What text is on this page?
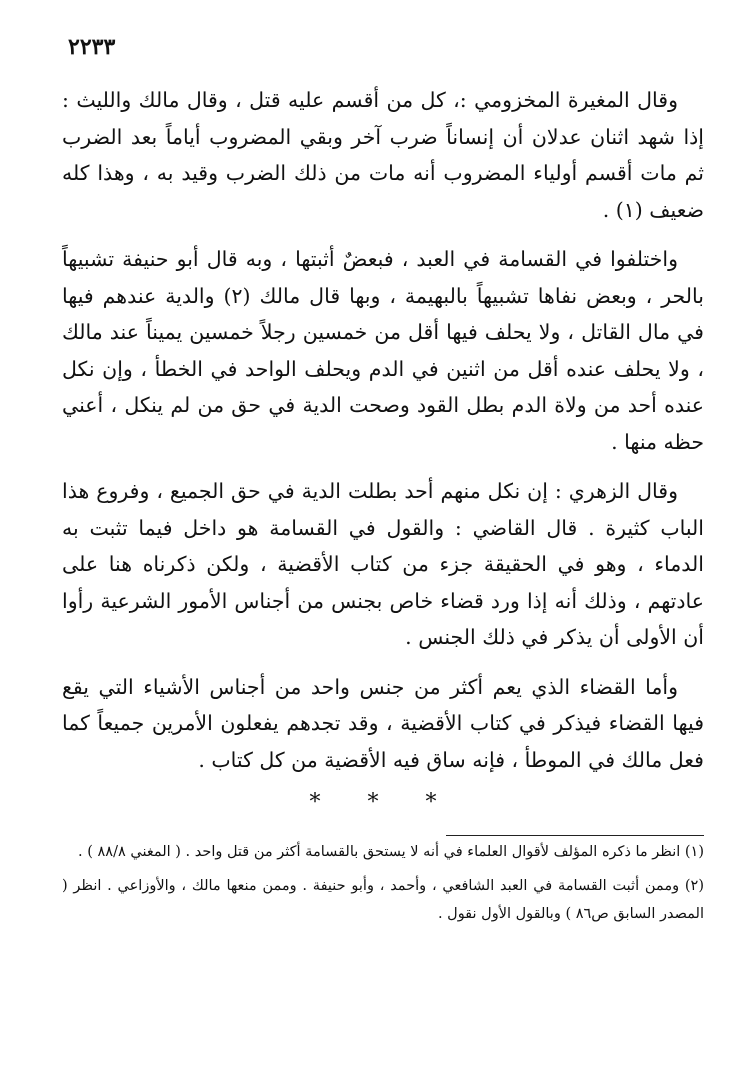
٢٢٣٣

وقال المغيرة المخزومي :، كل من أقسم عليه قتل ، وقال مالك والليث : إذا شهد اثنان عدلان أن إنساناً ضرب آخر وبقي المضروب أياماً بعد الضرب ثم مات أقسم أولياء المضروب أنه مات من ذلك الضرب وقيد به ، وهذا كله ضعيف (١) .

واختلفوا في القسامة في العبد ، فبعضٌ أثبتها ، وبه قال أبو حنيفة تشبيهاً بالحر ، وبعض نفاها تشبيهاً بالبهيمة ، وبها قال مالك (٢) والدية عندهم فيها في مال القاتل ، ولا يحلف فيها أقل من خمسين رجلاً خمسين يميناً عند مالك ، ولا يحلف عنده أقل من اثنين في الدم ويحلف الواحد في الخطأ ، وإن نكل عنده أحد من ولاة الدم بطل القود وصحت الدية في حق من لم ينكل ، أعني حظه منها .

وقال الزهري : إن نكل منهم أحد بطلت الدية في حق الجميع ، وفروع هذا الباب كثيرة . قال القاضي : والقول في القسامة هو داخل فيما تثبت به الدماء ، وهو في الحقيقة جزء من كتاب الأقضية ، ولكن ذكرناه هنا على عادتهم ، وذلك أنه إذا ورد قضاء خاص بجنس من أجناس الأمور الشرعية رأوا أن الأولى أن يذكر في ذلك الجنس .

وأما القضاء الذي يعم أكثر من جنس واحد من أجناس الأشياء التي يقع فيها القضاء فيذكر في كتاب الأقضية ، وقد تجدهم يفعلون الأمرين جميعاً كما فعل مالك في الموطأ ، فإنه ساق فيه الأقضية من كل كتاب .

* * *

(١) انظر ما ذكره المؤلف لأقوال العلماء في أنه لا يستحق بالقسامة أكثر من قتل واحد . ( المغني ٨٨/٨ ) .

(٢) وممن أثبت القسامة في العبد الشافعي ، وأحمد ، وأبو حنيفة . وممن منعها مالك ، والأوزاعي . انظر ( المصدر السابق ص٨٦ ) وبالقول الأول نقول .
